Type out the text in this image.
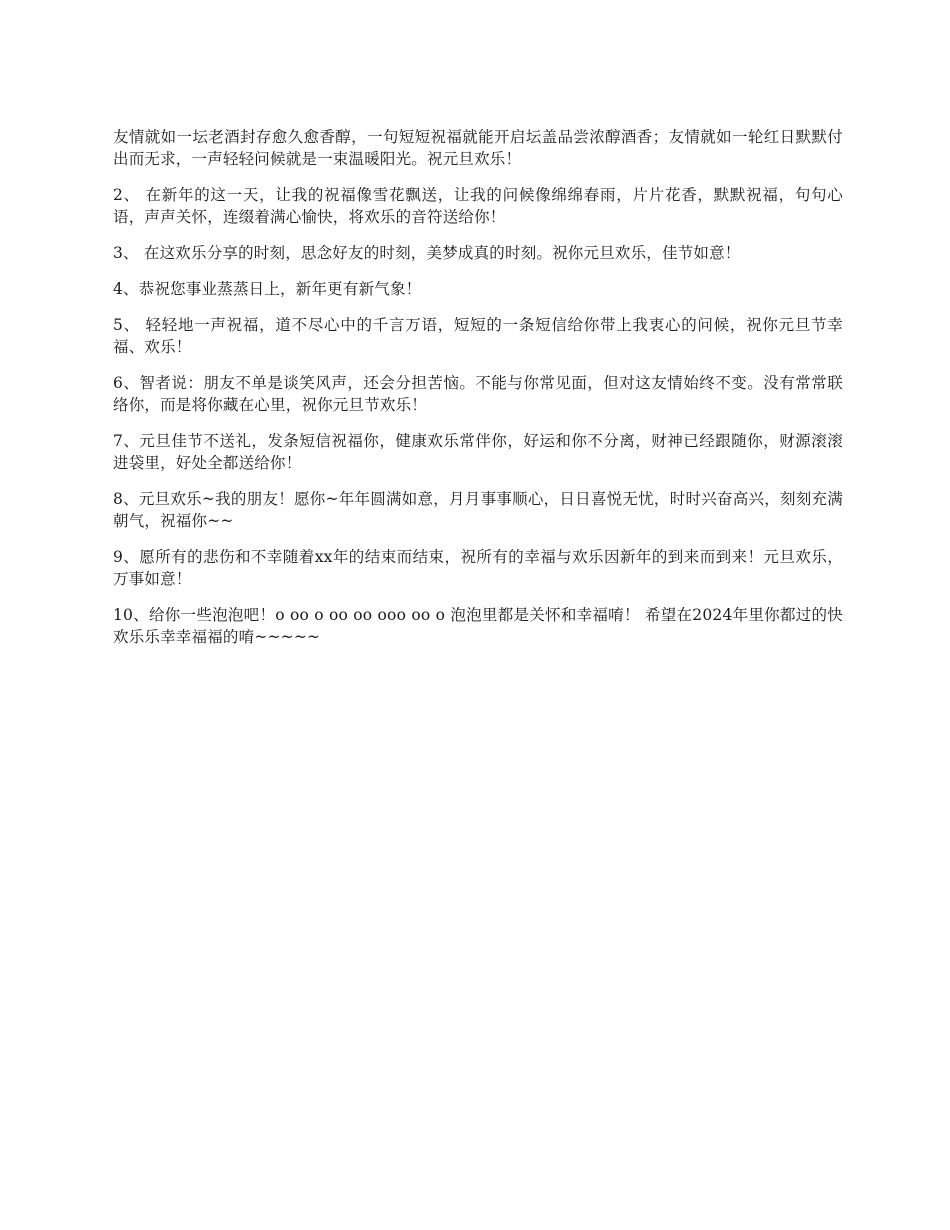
友情就如一坛老酒封存愈久愈香醇，一句短短祝福就能开启坛盖品尝浓醇酒香；友情就如一轮红日默默付出而无求，一声轻轻问候就是一束温暖阳光。祝元旦欢乐！

2、 在新年的这一天，让我的祝福像雪花飘送，让我的问候像绵绵春雨，片片花香，默默祝福，句句心语，声声关怀，连缀着满心愉快，将欢乐的音符送给你！

3、 在这欢乐分享的时刻，思念好友的时刻，美梦成真的时刻。祝你元旦欢乐，佳节如意！

4、恭祝您事业蒸蒸日上，新年更有新气象！

5、 轻轻地一声祝福，道不尽心中的千言万语，短短的一条短信给你带上我衷心的问候，祝你元旦节幸福、欢乐！

6、智者说：朋友不单是谈笑风声，还会分担苦恼。不能与你常见面，但对这友情始终不变。没有常常联络你，而是将你藏在心里，祝你元旦节欢乐！

7、元旦佳节不送礼，发条短信祝福你，健康欢乐常伴你，好运和你不分离，财神已经跟随你，财源滚滚进袋里，好处全都送给你！

8、元旦欢乐~我的朋友！愿你~年年圆满如意，月月事事顺心，日日喜悦无忧，时时兴奋高兴，刻刻充满朝气，祝福你~~

9、愿所有的悲伤和不幸随着xx年的结束而结束，祝所有的幸福与欢乐因新年的到来而到来！元旦欢乐，万事如意！

10、给你一些泡泡吧！o oo o oo oo ooo oo o 泡泡里都是关怀和幸福唷！ 希望在2024年里你都过的快欢乐乐幸幸福福的唷~~~~~
